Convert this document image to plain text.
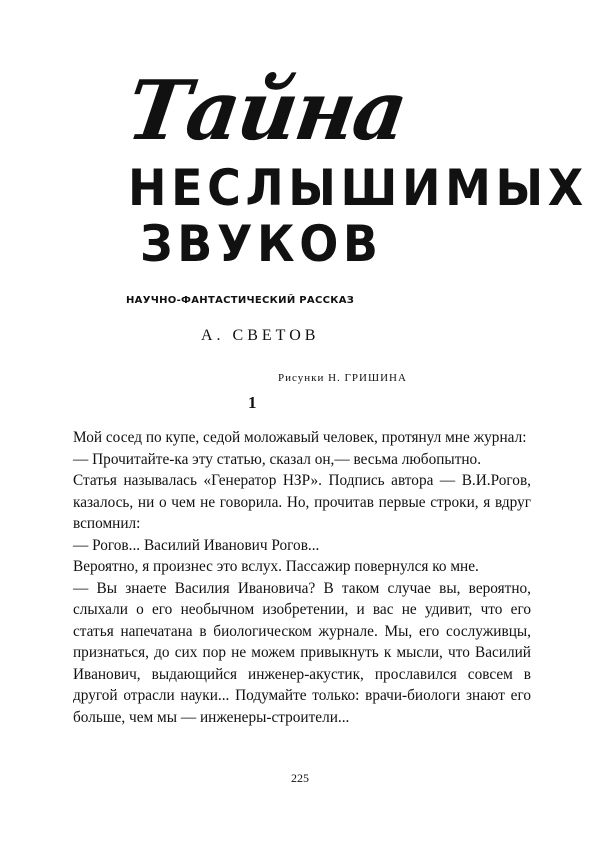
Тайна
НЕСЛЫШИМЫХ
ЗВУКОВ
НАУЧНО-ФАНТАСТИЧЕСКИЙ РАССКАЗ
А. СВЕТОВ
Рисунки Н. ГРИШИНА
1

Мой сосед по купе, седой моложавый человек, протянул мне журнал:

— Прочитайте-ка эту статью, сказал он,— весьма любопытно.

Статья называлась «Генератор НЗР». Подпись автора — В.И.Рогов, казалось, ни о чем не говорила. Но, прочитав первые строки, я вдруг вспомнил:

— Рогов... Василий Иванович Рогов...

Вероятно, я произнес это вслух. Пассажир повернулся ко мне.

— Вы знаете Василия Ивановича? В таком случае вы, вероятно, слыхали о его необычном изобретении, и вас не удивит, что его статья напечатана в биологическом журнале. Мы, его сослуживцы, признаться, до сих пор не можем привыкнуть к мысли, что Василий Иванович, выдающийся инженер-акустик, прославился совсем в другой отрасли науки... Подумайте только: врачи-биологи знают его больше, чем мы — инженеры-строители...

225
